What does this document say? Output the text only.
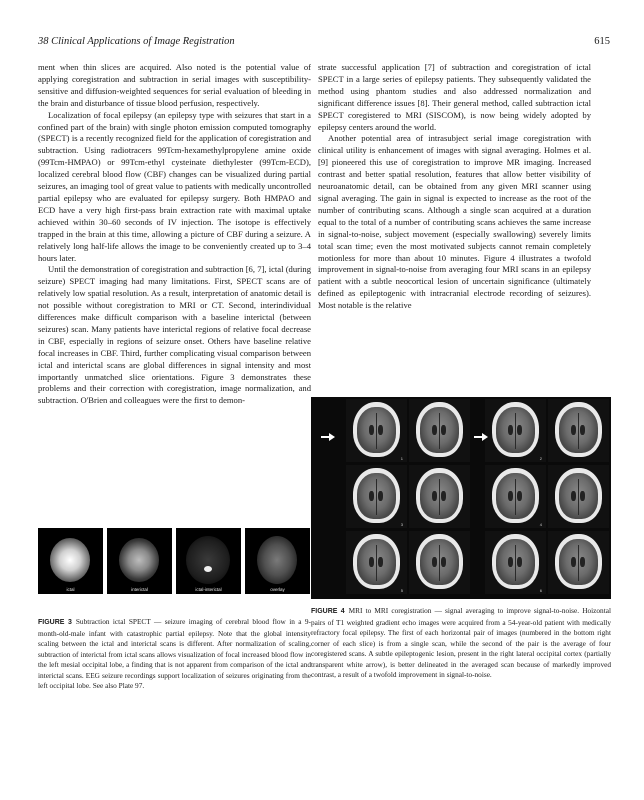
38 Clinical Applications of Image Registration	615

ment when thin slices are acquired. Also noted is the potential value of applying coregistration and subtraction in serial images with susceptibility-sensitive and diffusion-weighted sequences for serial evaluation of bleeding in the brain and disturbance of tissue blood perfusion, respectively.

Localization of focal epilepsy (an epilepsy type with seizures that start in a confined part of the brain) with single photon emission computed tomography (SPECT) is a recently recognized field for the application of coregistration and subtraction. Using radiotracers 99Tcm-hexamethylpropylene amine oxide (99Tcm-HMPAO) or 99Tcm-ethyl cysteinate diethylester (99Tcm-ECD), localized cerebral blood flow (CBF) changes can be visualized during partial seizures, an imaging tool of great value to patients with medically uncontrolled partial epilepsy who are evaluated for epilepsy surgery. Both HMPAO and ECD have a very high first-pass brain extraction rate with maximal uptake achieved within 30–60 seconds of IV injection. The isotope is effectively trapped in the brain at this time, allowing a picture of CBF during a seizure. A relatively long half-life allows the image to be conveniently created up to 3–4 hours later.

Until the demonstration of coregistration and subtraction [6, 7], ictal (during seizure) SPECT imaging had many limitations. First, SPECT scans are of relatively low spatial resolution. As a result, interpretation of anatomic detail is not possible without coregistration to MRI or CT. Second, interindividual differences make difficult comparison with a baseline interictal (between seizures) scan. Many patients have interictal regions of relative focal decrease in CBF, especially in regions of seizure onset. Others have baseline relative focal increases in CBF. Third, further complicating visual comparison between ictal and interictal scans are global differences in signal intensity and most importantly unmatched slice orientations. Figure 3 demonstrates these problems and their correction with coregistration, image normalization, and subtraction. O'Brien and colleagues were the first to demon-

strate successful application [7] of subtraction and coregistration of ictal SPECT in a large series of epilepsy patients. They subsequently validated the method using phantom studies and also addressed normalization and significant difference issues [8]. Their general method, called subtraction ictal SPECT coregistered to MRI (SISCOM), is now being widely adopted by epilepsy centers around the world.

Another potential area of intrasubject serial image coregistration with clinical utility is enhancement of images with signal averaging. Holmes et al. [9] pioneered this use of coregistration to improve MR imaging. Increased contrast and better spatial resolution, features that allow better visibility of neuroanatomic detail, can be obtained from any given MRI scanner using signal averaging. The gain in signal is expected to increase as the root of the number of contributing scans. Although a single scan acquired at a duration equal to the total of a number of contributing scans achieves the same increase in signal-to-noise, subject movement (especially swallowing) severely limits total scan time; even the most motivated subjects cannot remain completely motionless for more than about 10 minutes. Figure 4 illustrates a twofold improvement in signal-to-noise from averaging four MRI scans in an epilepsy patient with a subtle neocortical lesion of uncertain significance (ultimately defined as epileptogenic with intracranial electrode recording of seizures). Most notable is the relative

ictal	interictal	ictal-interictal	overlay
1	2
3	4
5	6
FIGURE 3 Subtraction ictal SPECT — seizure imaging of cerebral blood flow in a 9-month-old-male infant with catastrophic partial epilepsy. Note that the global intensity scaling between the ictal and interictal scans is different. After normalization of scaling, subtraction of interictal from ictal scans allows visualization of focal increased blood flow in the left mesial occipital lobe, a finding that is not apparent from comparison of the ictal and interictal scans. EEG seizure recordings support localization of seizures originating from the left occipital lobe. See also Plate 97.
FIGURE 4 MRI to MRI coregistration — signal averaging to improve signal-to-noise. Hoizontal pairs of T1 weighted gradient echo images were acquired from a 54-year-old patient with medically refractory focal epilepsy. The first of each horizontal pair of images (numbered in the bottom right corner of each slice) is from a single scan, while the second of the pair is the average of four coregistered scans. A subtle epileptogenic lesion, present in the right lateral occipital cortex (partially transparent white arrow), is better delineated in the averaged scan because of markedly improved contrast, a result of a twofold improvement in signal-to-noise.
